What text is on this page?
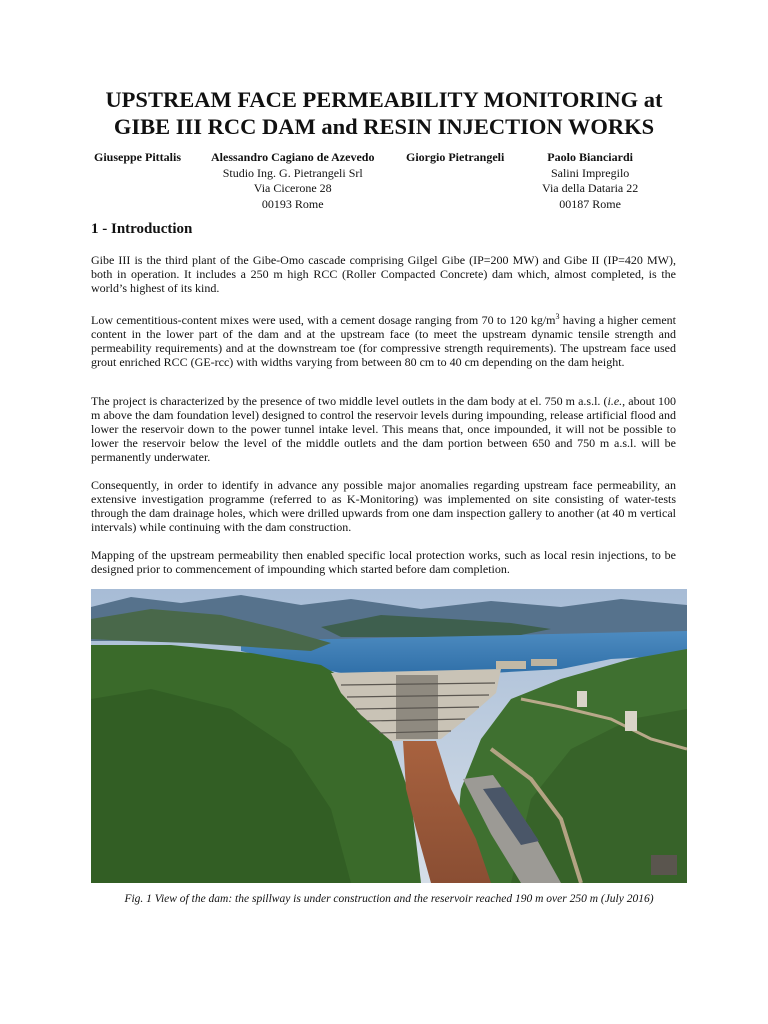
UPSTREAM FACE PERMEABILITY MONITORING at
GIBE III RCC DAM and RESIN INJECTION WORKS
Giuseppe Pittalis Alessandro Cagiano de Azevedo
Studio Ing. G. Pietrangeli Srl
Via Cicerone 28
00193 Rome
Giorgio Pietrangeli	Paolo Bianciardi
Salini Impregilo
Via della Dataria 22
00187 Rome
1 - Introduction

Gibe III is the third plant of the Gibe-Omo cascade comprising Gilgel Gibe (IP=200 MW) and Gibe II (IP=420 MW), both in operation. It includes a 250 m high RCC (Roller Compacted Concrete) dam which, almost completed, is the world’s highest of its kind.

Low cementitious-content mixes were used, with a cement dosage ranging from 70 to 120 $kg/m^3$ having a higher cement content in the lower part of the dam and at the upstream face (to meet the upstream dynamic tensile strength and permeability requirements) and at the downstream toe (for compressive strength requirements). The upstream face used grout enriched RCC (GE-rcc) with widths varying from between 80 cm to 40 cm depending on the dam height.

The project is characterized by the presence of two middle level outlets in the dam body at el. 750 m a.s.l. (i.e., about 100 m above the dam foundation level) designed to control the reservoir levels during impounding, release artificial flood and lower the reservoir down to the power tunnel intake level. This means that, once impounded, it will not be possible to lower the reservoir below the level of the middle outlets and the dam portion between 650 and 750 m a.s.l. will be permanently underwater.

Consequently, in order to identify in advance any possible major anomalies regarding upstream face permeability, an extensive investigation programme (referred to as K-Monitoring) was implemented on site consisting of water-tests through the dam drainage holes, which were drilled upwards from one dam inspection gallery to another (at 40 m vertical intervals) while continuing with the dam construction.

Mapping of the upstream permeability then enabled specific local protection works, such as local resin injections, to be designed prior to commencement of impounding which started before dam completion.

Fig. 1 View of the dam: the spillway is under construction and the reservoir reached 190 m over 250 m (July 2016)
